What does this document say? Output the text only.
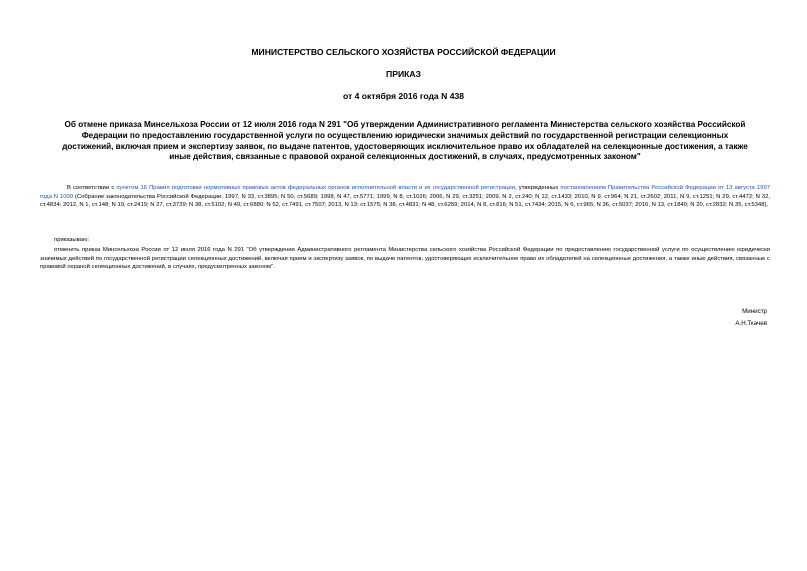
МИНИСТЕРСТВО СЕЛЬСКОГО ХОЗЯЙСТВА РОССИЙСКОЙ ФЕДЕРАЦИИ
ПРИКАЗ
от 4 октября 2016 года N 438
Об отмене приказа Минсельхоза России от 12 июля 2016 года N 291 "Об утверждении Административного регламента Министерства сельского хозяйства Российской Федерации по предоставлению государственной услуги по осуществлению юридически значимых действий по государственной регистрации селекционных достижений, включая прием и экспертизу заявок, по выдаче патентов, удостоверяющих исключительное право их обладателей на селекционные достижения, а также иные действия, связанные с правовой охраной селекционных достижений, в случаях, предусмотренных законом"
В соответствии с пунктом 16 Правил подготовки нормативных правовых актов федеральных органов исполнительной власти и их государственной регистрации, утвержденных постановлением Правительства Российской Федерации от 13 августа 1997 года N 1009 (Собрание законодательства Российской Федерации, 1997, N 33, ст.3895; N 50, ст.5689; 1998, N 47, ст.5771; 1999, N 8, ст.1026; 2006, N 29, ст.3251; 2009, N 2, ст.240; N 12, ст.1433; 2010, N 9, ст.964; N 21, ст.2602; 2011, N 9, ст.1251; N 29, ст.4472; N 32, ст.4834; 2012, N 1, ст.148; N 19, ст.2419; N 27, ст.3739; N 38, ст.5102; N 49, ст.6880; N 52, ст.7491, ст.7507; 2013, N 13; ст.1575; N 38, ст.4831; N 48, ст.6259; 2014, N 8, ст.816; N 51, ст.7434; 2015, N 6, ст.965; N 36, ст.5037; 2016, N 13, ст.1840; N 20, ст.2832; N 35, ст.5348),
приказываю:
отменить приказ Минсельхоза России от 12 июля 2016 года N 291 "Об утверждении Административного регламента Министерства сельского хозяйства Российской Федерации по предоставлению государственной услуги по осуществлению юридически значимых действий по государственной регистрации селекционных достижений, включая прием и экспертизу заявок, по выдаче патентов, удостоверяющих исключительное право их обладателей на селекционные достижения, а также иные действия, связанные с правовой охраной селекционных достижений, в случаях, предусмотренных законом".
Министр
А.Н.Ткачев
